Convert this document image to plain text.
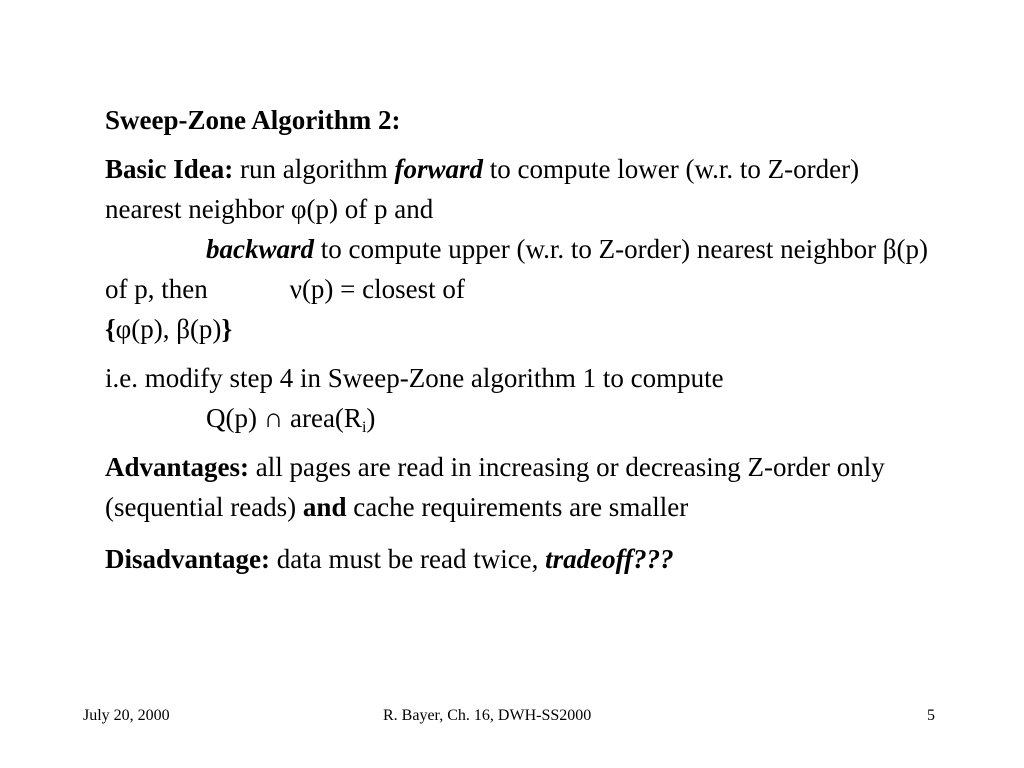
Sweep-Zone Algorithm 2:
Basic Idea: run algorithm forward to compute lower (w.r. to Z-order) nearest neighbor φ(p) of p and
backward to compute upper (w.r. to Z-order) nearest neighbor β(p) of p, then	ν(p) = closest of
{φ(p), β(p)}
i.e. modify step 4 in Sweep-Zone algorithm 1 to compute
Q(p) ∩ $area(R_i)$
Advantages: all pages are read in increasing or decreasing Z-order only (sequential reads) and cache requirements are smaller
Disadvantage: data must be read twice, tradeoff???
July 20, 2000	R. Bayer, Ch. 16, DWH-SS2000	5
